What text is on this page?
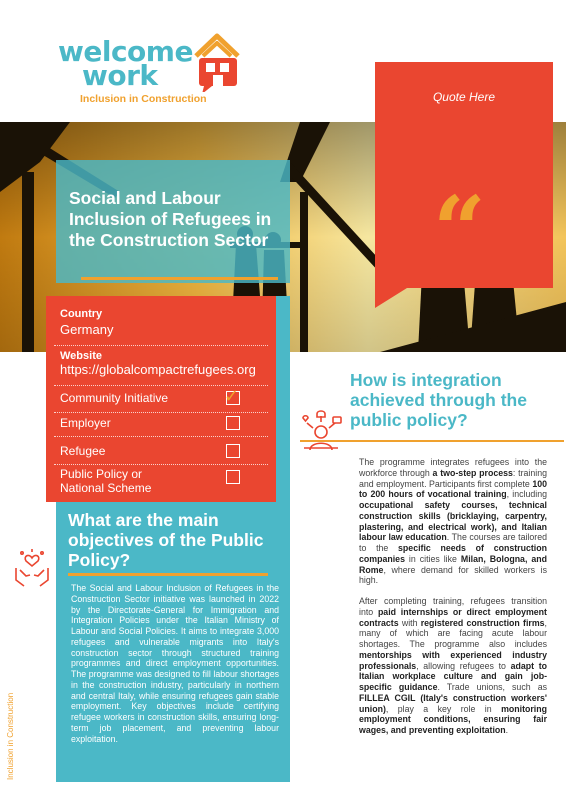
welcome
work
Inclusion in Construction	Quote Here
“
Social and Labour Inclusion of Refugees in the Construction Sector
Country
Germany
Website
https://globalcompactrefugees.org
Community Initiative	✓
Employer
Refugee
Public Policy or National Scheme
What are the main objectives of the Public Policy?
The Social and Labour Inclusion of Refugees in the Construction Sector initiative was launched in 2022 by the Directorate-General for Immigration and Integration Policies under the Italian Ministry of Labour and Social Policies. It aims to integrate 3,000 refugees and vulnerable migrants into Italy's construction sector through structured training programmes and direct employment opportunities. The programme was designed to fill labour shortages in the construction industry, particularly in northern and central Italy, while ensuring refugees gain stable employment. Key objectives include certifying refugee workers in construction skills, ensuring long-term job placement, and preventing labour exploitation.
How is integration achieved through the public policy?

The programme integrates refugees into the workforce through a two-step process: training and employment. Participants first complete 100 to 200 hours of vocational training, including occupational safety courses, technical construction skills (bricklaying, carpentry, plastering, and electrical work), and Italian labour law education. The courses are tailored to the specific needs of construction companies in cities like Milan, Bologna, and Rome, where demand for skilled workers is high.

After completing training, refugees transition into paid internships or direct employment contracts with registered construction firms, many of which are facing acute labour shortages. The programme also includes mentorships with experienced industry professionals, allowing refugees to adapt to Italian workplace culture and gain job-specific guidance. Trade unions, such as FILLEA CGIL (Italy's construction workers' union), play a key role in monitoring employment conditions, ensuring fair wages, and preventing exploitation.

Inclusion in Construction
